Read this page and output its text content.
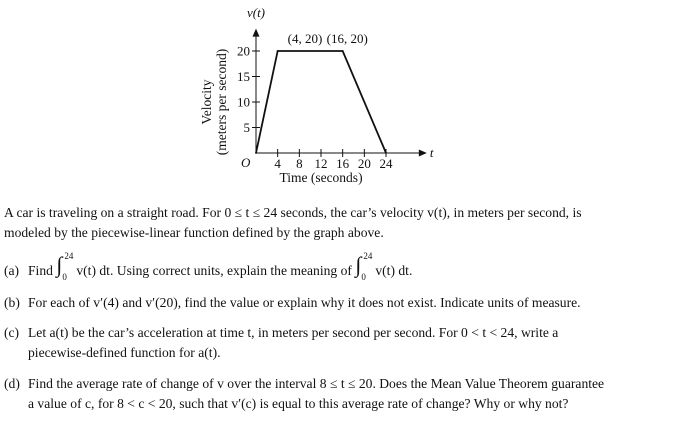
4 8 12 16 20 24
5
10
15
20
O
(4, 20) (16, 20)
v(t)
t
Time (seconds)
Velocity (meters per second)
A car is traveling on a straight road. For 0 ≤ t ≤ 24 seconds, the car’s velocity v(t), in meters per second, is
modeled by the piecewise-linear function defined by the graph above.
(a) Find ∫ 24
0 v(t) dt. Using correct units, explain the meaning of ∫ 24
0 v(t) dt.
(b) For each of v′(4) and v′(20), find the value or explain why it does not exist. Indicate units of measure.
(c) Let a(t) be the car’s acceleration at time t, in meters per second per second. For 0 < t < 24, write a
piecewise-defined function for a(t).
(d) Find the average rate of change of v over the interval 8 ≤ t ≤ 20. Does the Mean Value Theorem guarantee
a value of c, for 8 < c < 20, such that v′(c) is equal to this average rate of change? Why or why not?
